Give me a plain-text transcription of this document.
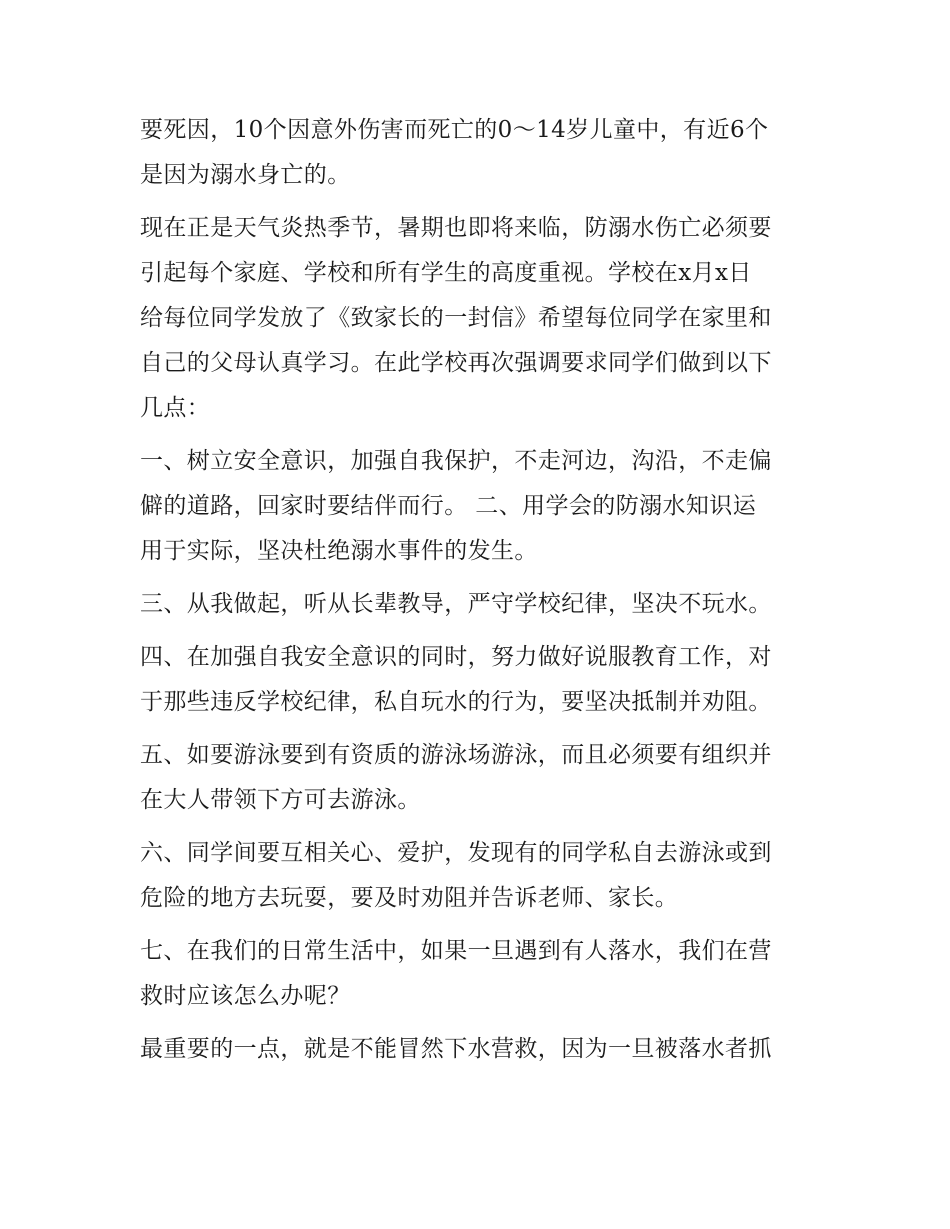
要死因，10个因意外伤害而死亡的0～14岁儿童中，有近6个
是因为溺水身亡的。
现在正是天气炎热季节，暑期也即将来临，防溺水伤亡必须要
引起每个家庭、学校和所有学生的高度重视。学校在x月x日
给每位同学发放了《致家长的一封信》希望每位同学在家里和
自己的父母认真学习。在此学校再次强调要求同学们做到以下
几点：
一、树立安全意识，加强自我保护，不走河边，沟沿，不走偏
僻的道路，回家时要结伴而行。 二、用学会的防溺水知识运
用于实际，坚决杜绝溺水事件的发生。
三、从我做起，听从长辈教导，严守学校纪律，坚决不玩水。
四、在加强自我安全意识的同时，努力做好说服教育工作，对
于那些违反学校纪律，私自玩水的行为，要坚决抵制并劝阻。
五、如要游泳要到有资质的游泳场游泳，而且必须要有组织并
在大人带领下方可去游泳。
六、同学间要互相关心、爱护，发现有的同学私自去游泳或到
危险的地方去玩耍，要及时劝阻并告诉老师、家长。
七、在我们的日常生活中，如果一旦遇到有人落水，我们在营
救时应该怎么办呢？
最重要的一点，就是不能冒然下水营救，因为一旦被落水者抓
